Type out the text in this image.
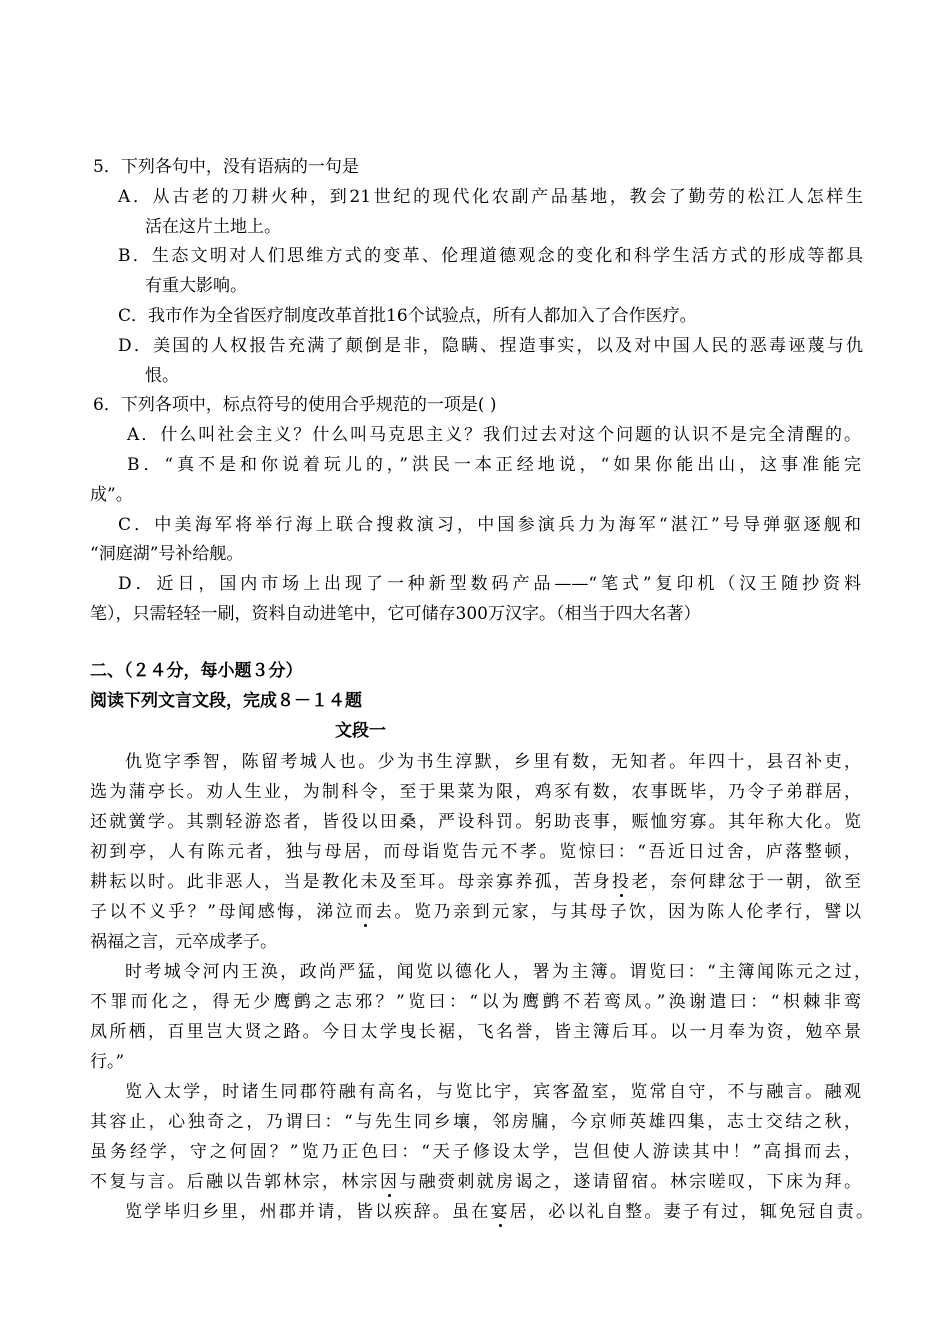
5．下列各句中，没有语病的一句是
A．从古老的刀耕火种，到21世纪的现代化农副产品基地，教会了勤劳的松江人怎样生
活在这片土地上。
B．生态文明对人们思维方式的变革、伦理道德观念的变化和科学生活方式的形成等都具
有重大影响。
C．我市作为全省医疗制度改革首批16个试验点，所有人都加入了合作医疗。
D．美国的人权报告充满了颠倒是非，隐瞒、捏造事实，以及对中国人民的恶毒诬蔑与仇
恨。
6．下列各项中，标点符号的使用合乎规范的一项是( )
A．什么叫社会主义？什么叫马克思主义？我们过去对这个问题的认识不是完全清醒的。
B．“真不是和你说着玩儿的，”洪民一本正经地说，“如果你能出山，这事准能完
成”。
C．中美海军将举行海上联合搜救演习，中国参演兵力为海军“湛江”号导弹驱逐舰和
“洞庭湖”号补给舰。
D．近日，国内市场上出现了一种新型数码产品——“笔式”复印机（汉王随抄资料
笔），只需轻轻一刷，资料自动进笔中，它可储存300万汉字。（相当于四大名著）
二、（２４分，每小题３分）
阅读下列文言文段，完成８－１４题
文段一
仇览字季智，陈留考城人也。少为书生淳默，乡里有数，无知者。年四十，县召补吏，
选为蒲亭长。劝人生业，为制科令，至于果菜为限，鸡豕有数，农事既毕，乃令子弟群居，
还就黉学。其剽轻游恣者，皆役以田桑，严设科罚。躬助丧事，赈恤穷寡。其年称大化。览
初到亭，人有陈元者，独与母居，而母诣览告元不孝。览惊曰：“吾近日过舍，庐落整顿，
耕耘以时。此非恶人，当是教化未及至耳。母亲寡养孤，苦身投老，奈何肆忿于一朝，欲至
子以不义乎？”母闻感悔，涕泣而去。览乃亲到元家，与其母子饮，因为陈人伦孝行，譬以
祸福之言，元卒成孝子。
时考城令河内王涣，政尚严猛，闻览以德化人，署为主簿。谓览曰：“主簿闻陈元之过，
不罪而化之，得无少鹰鹯之志邪？”览曰：“以为鹰鹯不若鸾凤。”涣谢遣曰：“枳棘非鸾
凤所栖，百里岂大贤之路。今日太学曳长裾，飞名誉，皆主簿后耳。以一月奉为资，勉卒景
行。”
览入太学，时诸生同郡符融有高名，与览比宇，宾客盈室，览常自守，不与融言。融观
其容止，心独奇之，乃谓曰：“与先生同乡壤，邻房牖，今京师英雄四集，志士交结之秋，
虽务经学，守之何固？”览乃正色曰：“天子修设太学，岂但使人游读其中！”高揖而去，
不复与言。后融以告郭林宗，林宗因与融赍刺就房谒之，遂请留宿。林宗嗟叹，下床为拜。
览学毕归乡里，州郡并请，皆以疾辞。虽在宴居，必以礼自整。妻子有过，辄免冠自责。
